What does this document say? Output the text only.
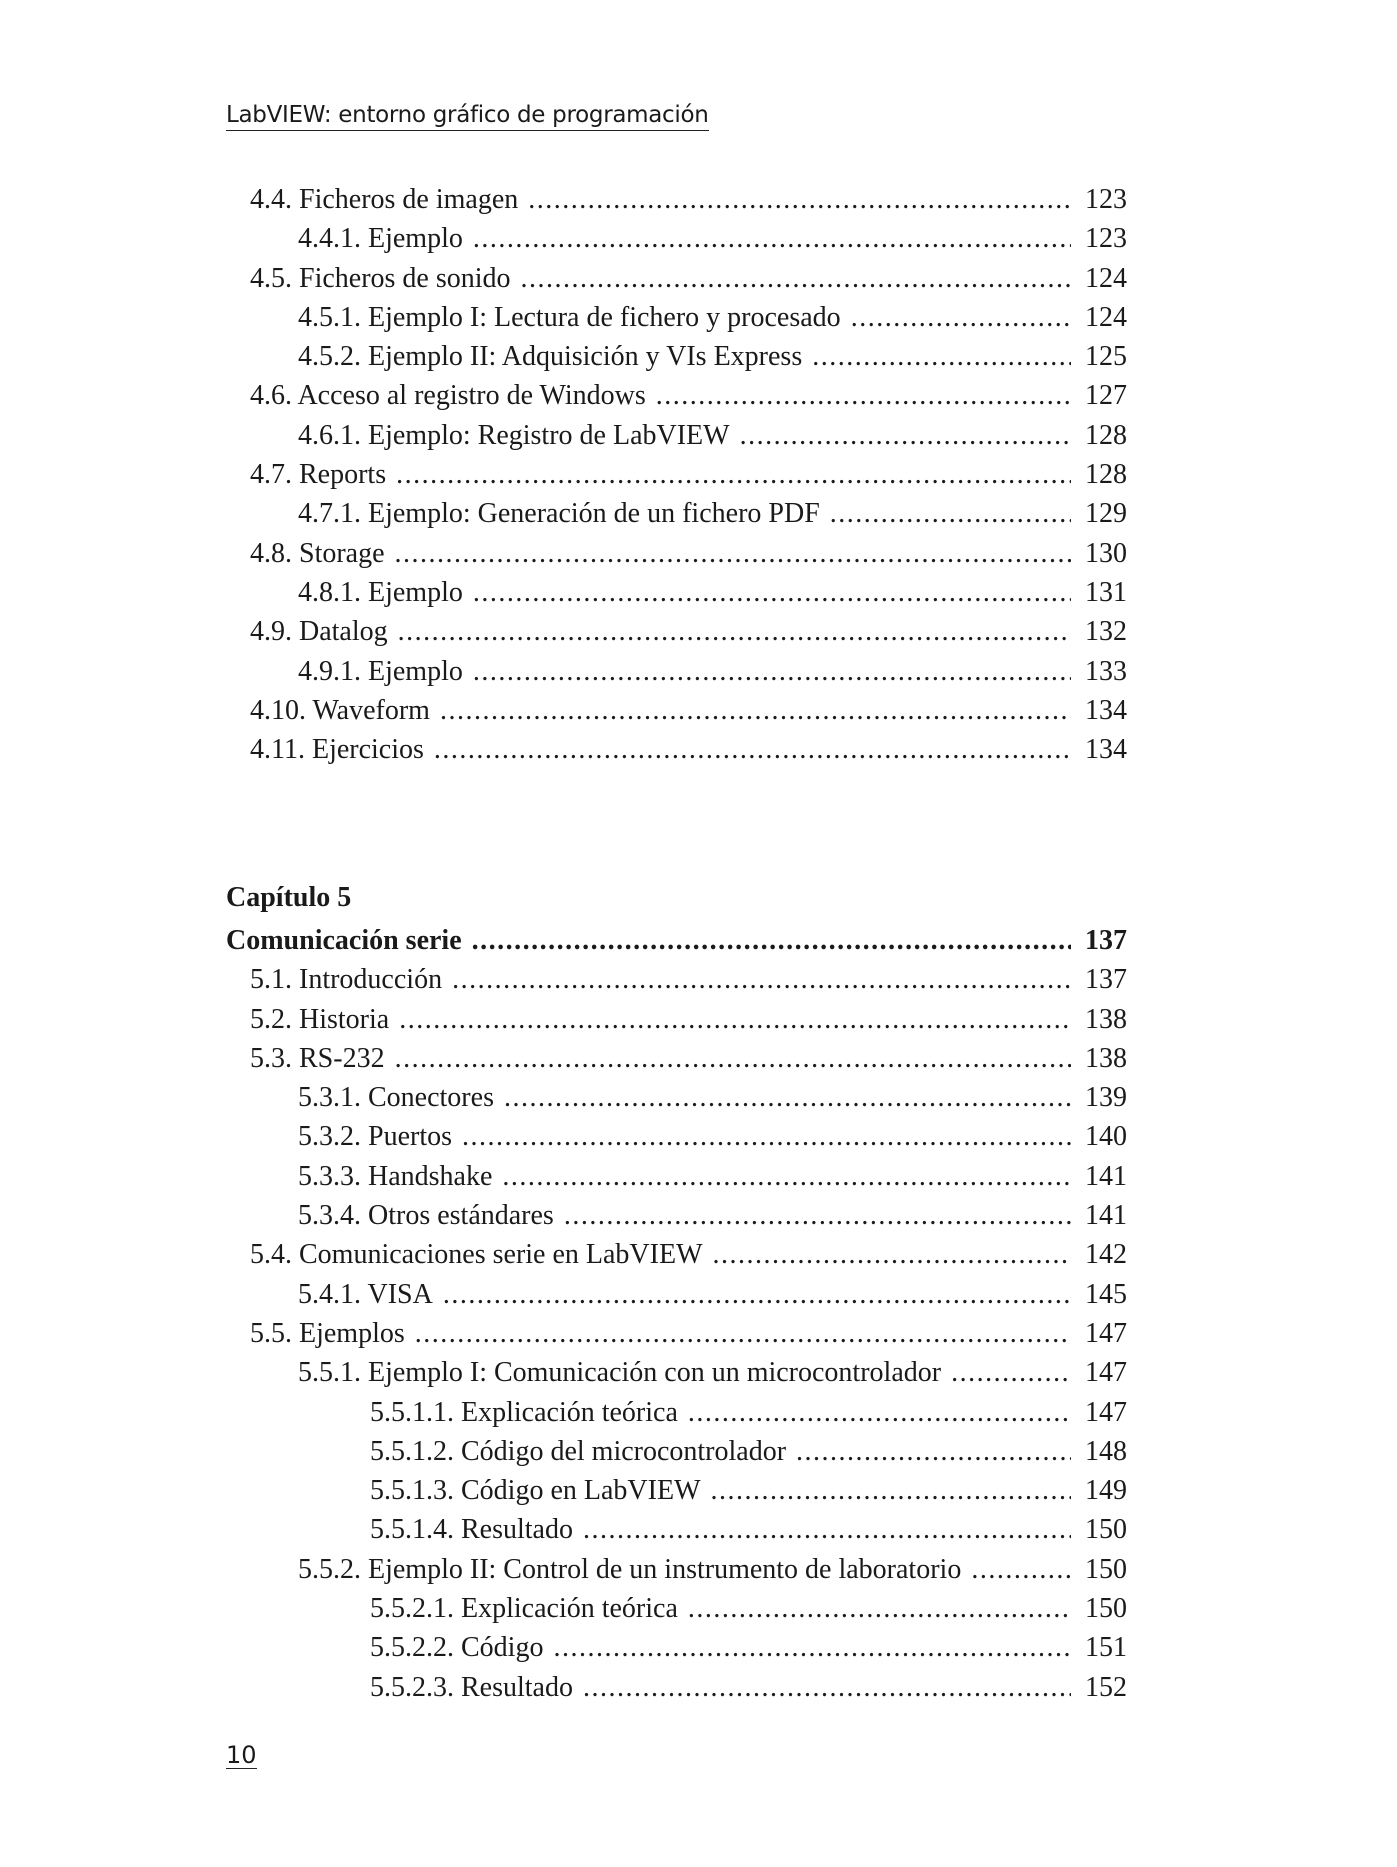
LabVIEW: entorno gráfico de programación
4.4. Ficheros de imagen .....	123
4.4.1. Ejemplo .....	123
4.5. Ficheros de sonido .....	124
4.5.1. Ejemplo I: Lectura de fichero y procesado .....	124
4.5.2. Ejemplo II: Adquisición y VIs Express .....	125
4.6. Acceso al registro de Windows .....	127
4.6.1. Ejemplo: Registro de LabVIEW .....	128
4.7. Reports .....	128
4.7.1. Ejemplo: Generación de un fichero PDF .....	129
4.8. Storage .....	130
4.8.1. Ejemplo .....	131
4.9. Datalog .....	132
4.9.1. Ejemplo .....	133
4.10. Waveform .....	134
4.11. Ejercicios .....	134
Capítulo 5
Comunicación serie .....	137
5.1. Introducción .....	137
5.2. Historia .....	138
5.3. RS-232 .....	138
5.3.1. Conectores .....	139
5.3.2. Puertos .....	140
5.3.3. Handshake .....	141
5.3.4. Otros estándares .....	141
5.4. Comunicaciones serie en LabVIEW .....	142
5.4.1. VISA .....	145
5.5. Ejemplos .....	147
5.5.1. Ejemplo I: Comunicación con un microcontrolador .....	147
5.5.1.1. Explicación teórica .....	147
5.5.1.2. Código del microcontrolador .....	148
5.5.1.3. Código en LabVIEW .....	149
5.5.1.4. Resultado .....	150
5.5.2. Ejemplo II: Control de un instrumento de laboratorio .....	150
5.5.2.1. Explicación teórica .....	150
5.5.2.2. Código .....	151
5.5.2.3. Resultado .....	152
10
